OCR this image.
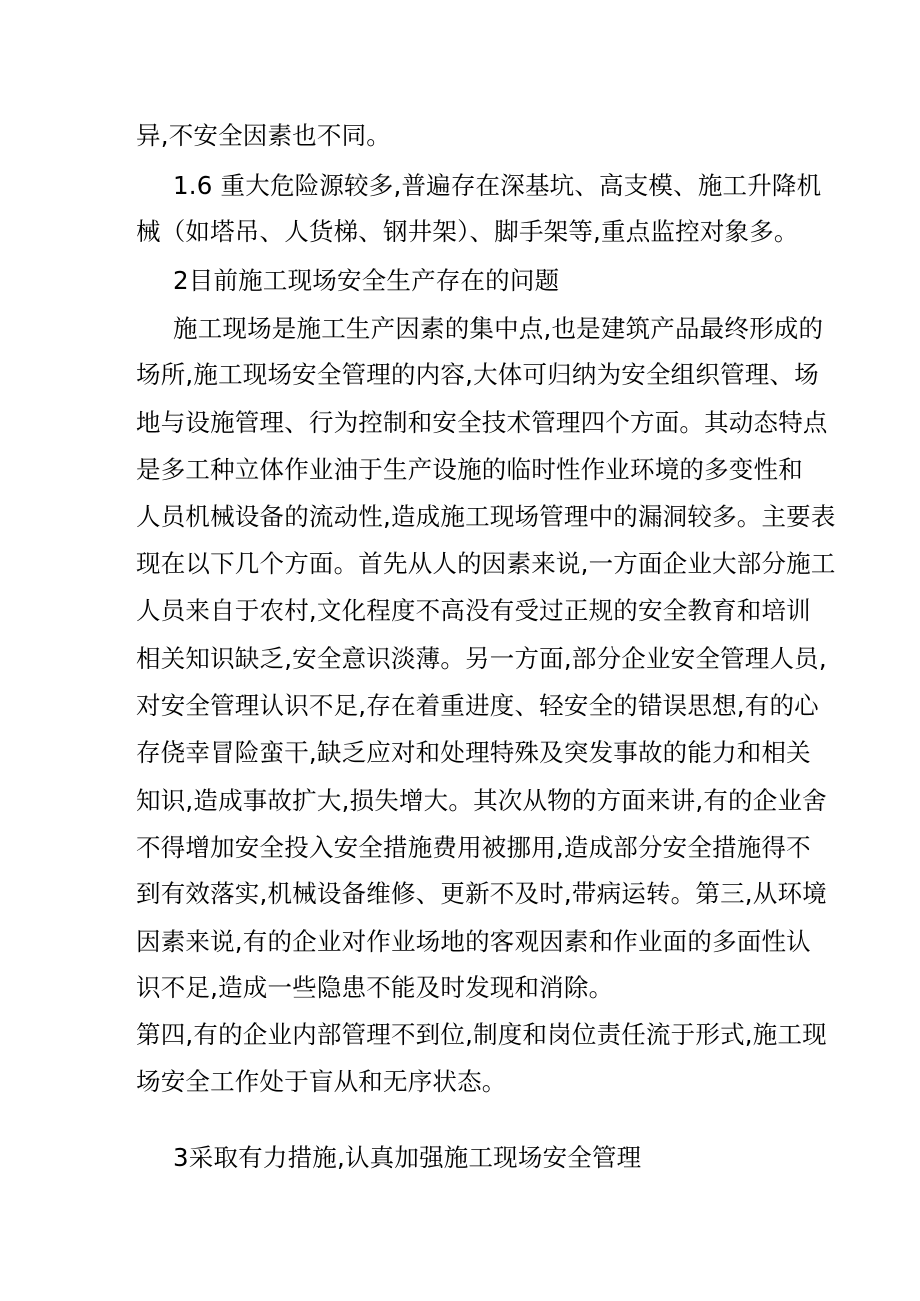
异,不安全因素也不同。
1.6 重大危险源较多,普遍存在深基坑、高支模、施工升降机
械（如塔吊、人货梯、钢井架）、脚手架等,重点监控对象多。
2目前施工现场安全生产存在的问题
施工现场是施工生产因素的集中点,也是建筑产品最终形成的
场所,施工现场安全管理的内容,大体可归纳为安全组织管理、场
地与设施管理、行为控制和安全技术管理四个方面。其动态特点
是多工种立体作业油于生产设施的临时性作业环境的多变性和
人员机械设备的流动性,造成施工现场管理中的漏洞较多。主要表
现在以下几个方面。首先从人的因素来说,一方面企业大部分施工
人员来自于农村,文化程度不高没有受过正规的安全教育和培训
相关知识缺乏,安全意识淡薄。另一方面,部分企业安全管理人员,
对安全管理认识不足,存在着重进度、轻安全的错误思想,有的心
存侥幸冒险蛮干,缺乏应对和处理特殊及突发事故的能力和相关
知识,造成事故扩大,损失增大。其次从物的方面来讲,有的企业舍
不得增加安全投入安全措施费用被挪用,造成部分安全措施得不
到有效落实,机械设备维修、更新不及时,带病运转。第三,从环境
因素来说,有的企业对作业场地的客观因素和作业面的多面性认
识不足,造成一些隐患不能及时发现和消除。
第四,有的企业内部管理不到位,制度和岗位责任流于形式,施工现
场安全工作处于盲从和无序状态。
3采取有力措施,认真加强施工现场安全管理
